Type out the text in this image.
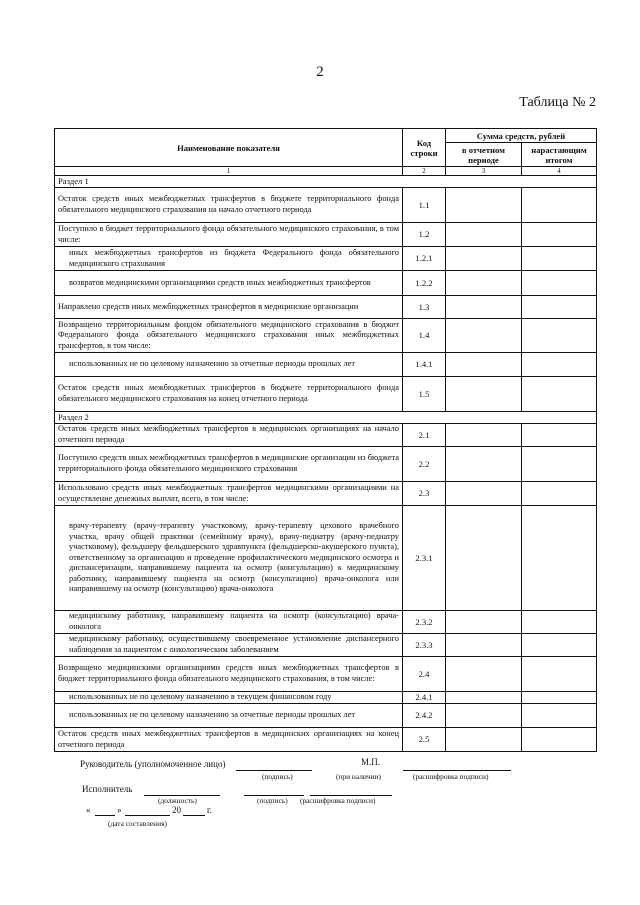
2
Таблица № 2
Наименование показателя	Код строки	Сумма средств, рублей	
		в отчетном периоде	нарастающим итогом
1	2	3	4
Раздел 1			
Остаток средств иных межбюджетных трансфертов в бюджете территориального фонда обязательного медицинского страхования на начало отчетного периода	1.1		
Поступило в бюджет территориального фонда обязательного медицинского страхования, в том числе:	1.2		
иных межбюджетных трансфертов из бюджета Федерального фонда обязательного медицинского страхования	1.2.1		
возвратов медицинскими организациями средств иных межбюджетных трансфертов	1.2.2		
Направлено средств иных межбюджетных трансфертов в медицинские организации	1.3		
Возвращено территориальным фондом обязательного медицинского страхования в бюджет Федерального фонда обязательного медицинского страхования иных межбюджетных трансфертов, в том числе:	1.4		
использованных не по целевому назначению за отчетные периоды прошлых лет	1.4.1		
Остаток средств иных межбюджетных трансфертов в бюджете территориального фонда обязательного медицинского страхования на конец отчетного периода	1.5		
Раздел 2			
Остаток средств иных межбюджетных трансфертов в медицинских организациях на начало отчетного периода	2.1		
Поступило средств иных межбюджетных трансфертов в медицинские организации из бюджета территориального фонда обязательного медицинского страхования	2.2		
Использовано средств иных межбюджетных трансфертов медицинскими организациями на осуществление денежных выплат, всего, в том числе:	2.3		
врачу-терапевту (врачу-терапевту участковому, врачу-терапевту цехового врачебного участка, врачу общей практики (семейному врачу), врачу-педиатру (врачу-педиатру участковому), фельдшеру фельдшерского здравпункта (фельдшерско-акушерского пункта), ответственному за организацию и проведение профилактического медицинского осмотра и диспансеризации, направившему пациента на осмотр (консультацию) к медицинскому работнику, направившему пациента на осмотр (консультацию) врача-онколога или направившему на осмотр (консультацию) врача-онколога	2.3.1		
медицинскому работнику, направившему пациента на осмотр (консультацию) врача-онколога	2.3.2		
медицинскому работнику, осуществившему своевременное установление диспансерного наблюдения за пациентом с онкологическим заболеванием	2.3.3		
Возвращено медицинскими организациями средств иных межбюджетных трансфертов в бюджет территориального фонда обязательного медицинского страхования, в том числе:	2.4		
использованных не по целевому назначению в текущем финансовом году	2.4.1		
использованных не по целевому назначению за отчетные периоды прошлых лет	2.4.2		
Остаток средств иных межбюджетных трансфертов в медицинских организациях на конец отчетного периода	2.5		
Руководитель (уполномоченное лицо)	М.П.
(подпись)	(при наличии)	(расшифровка подписи)
Исполнитель
(должность)	(подпись) (расшифровка подписи)
«	»	20	г.
(дата составления)
